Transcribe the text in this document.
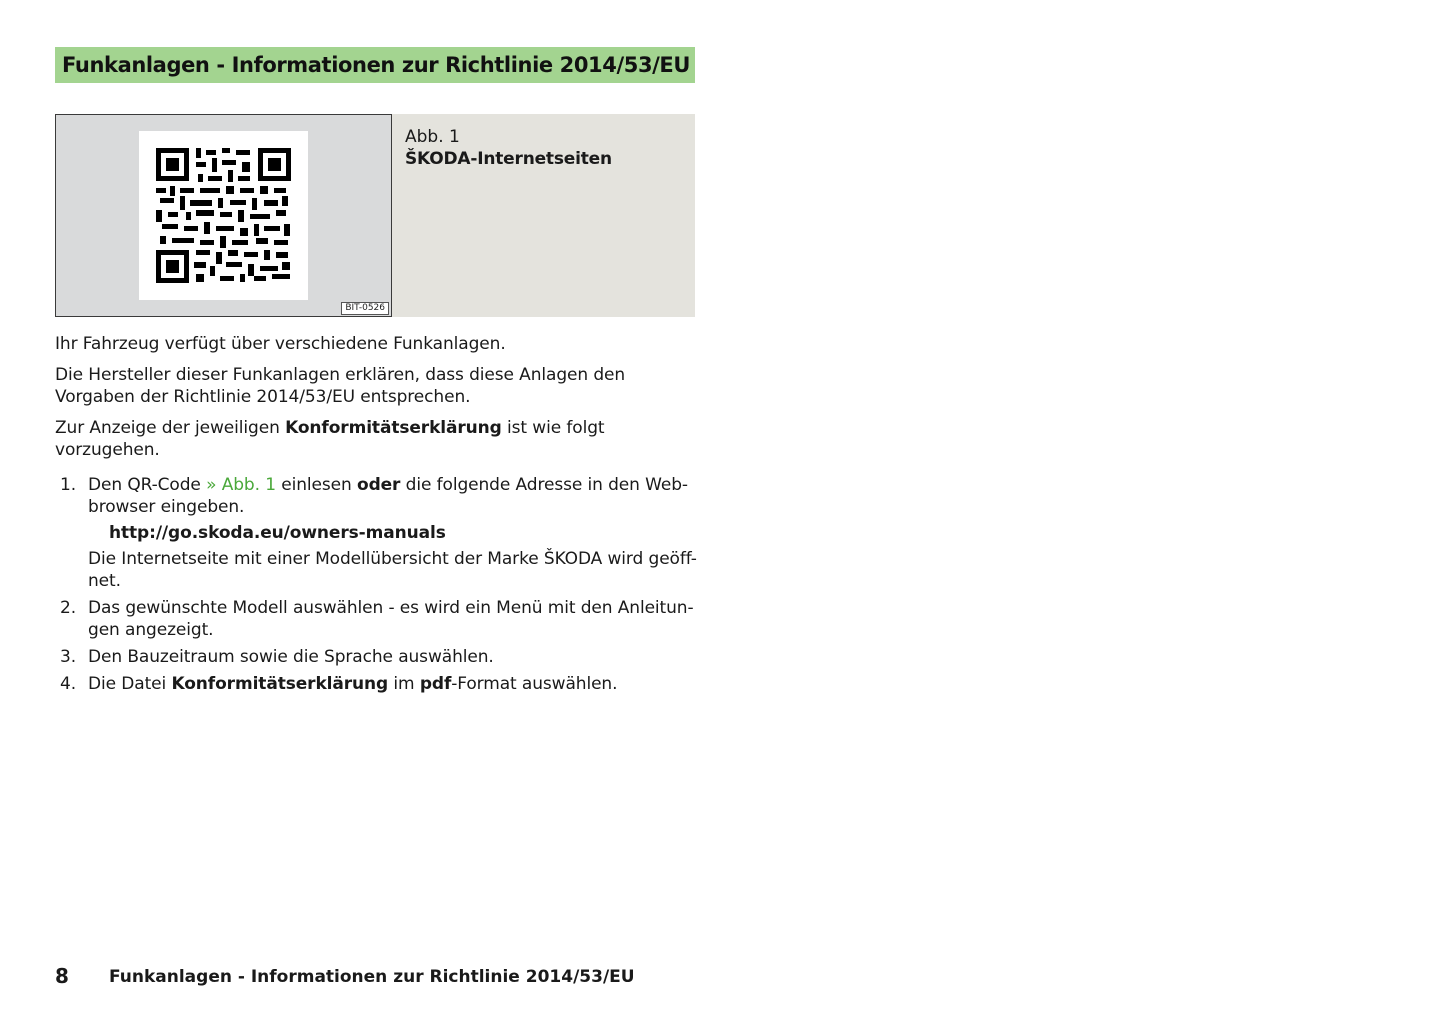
Funkanlagen - Informationen zur Richtlinie 2014/53/EU
BIT-0526
Abb. 1
ŠKODA-Internetseiten

Ihr Fahrzeug verfügt über verschiedene Funkanlagen.

Die Hersteller dieser Funkanlagen erklären, dass diese Anlagen den Vorgaben der Richtlinie 2014/53/EU entsprechen.

Zur Anzeige der jeweiligen Konformitätserklärung ist wie folgt vorzugehen.

1. Den QR-Code » Abb. 1 einlesen oder die folgende Adresse in den Web-browser eingeben.
http://go.skoda.eu/owners-manuals
Die Internetseite mit einer Modellübersicht der Marke ŠKODA wird geöff-net.
2. Das gewünschte Modell auswählen - es wird ein Menü mit den Anleitun-gen angezeigt.
3. Den Bauzeitraum sowie die Sprache auswählen.
4. Die Datei Konformitätserklärung im pdf-Format auswählen.
8 Funkanlagen - Informationen zur Richtlinie 2014/53/EU
